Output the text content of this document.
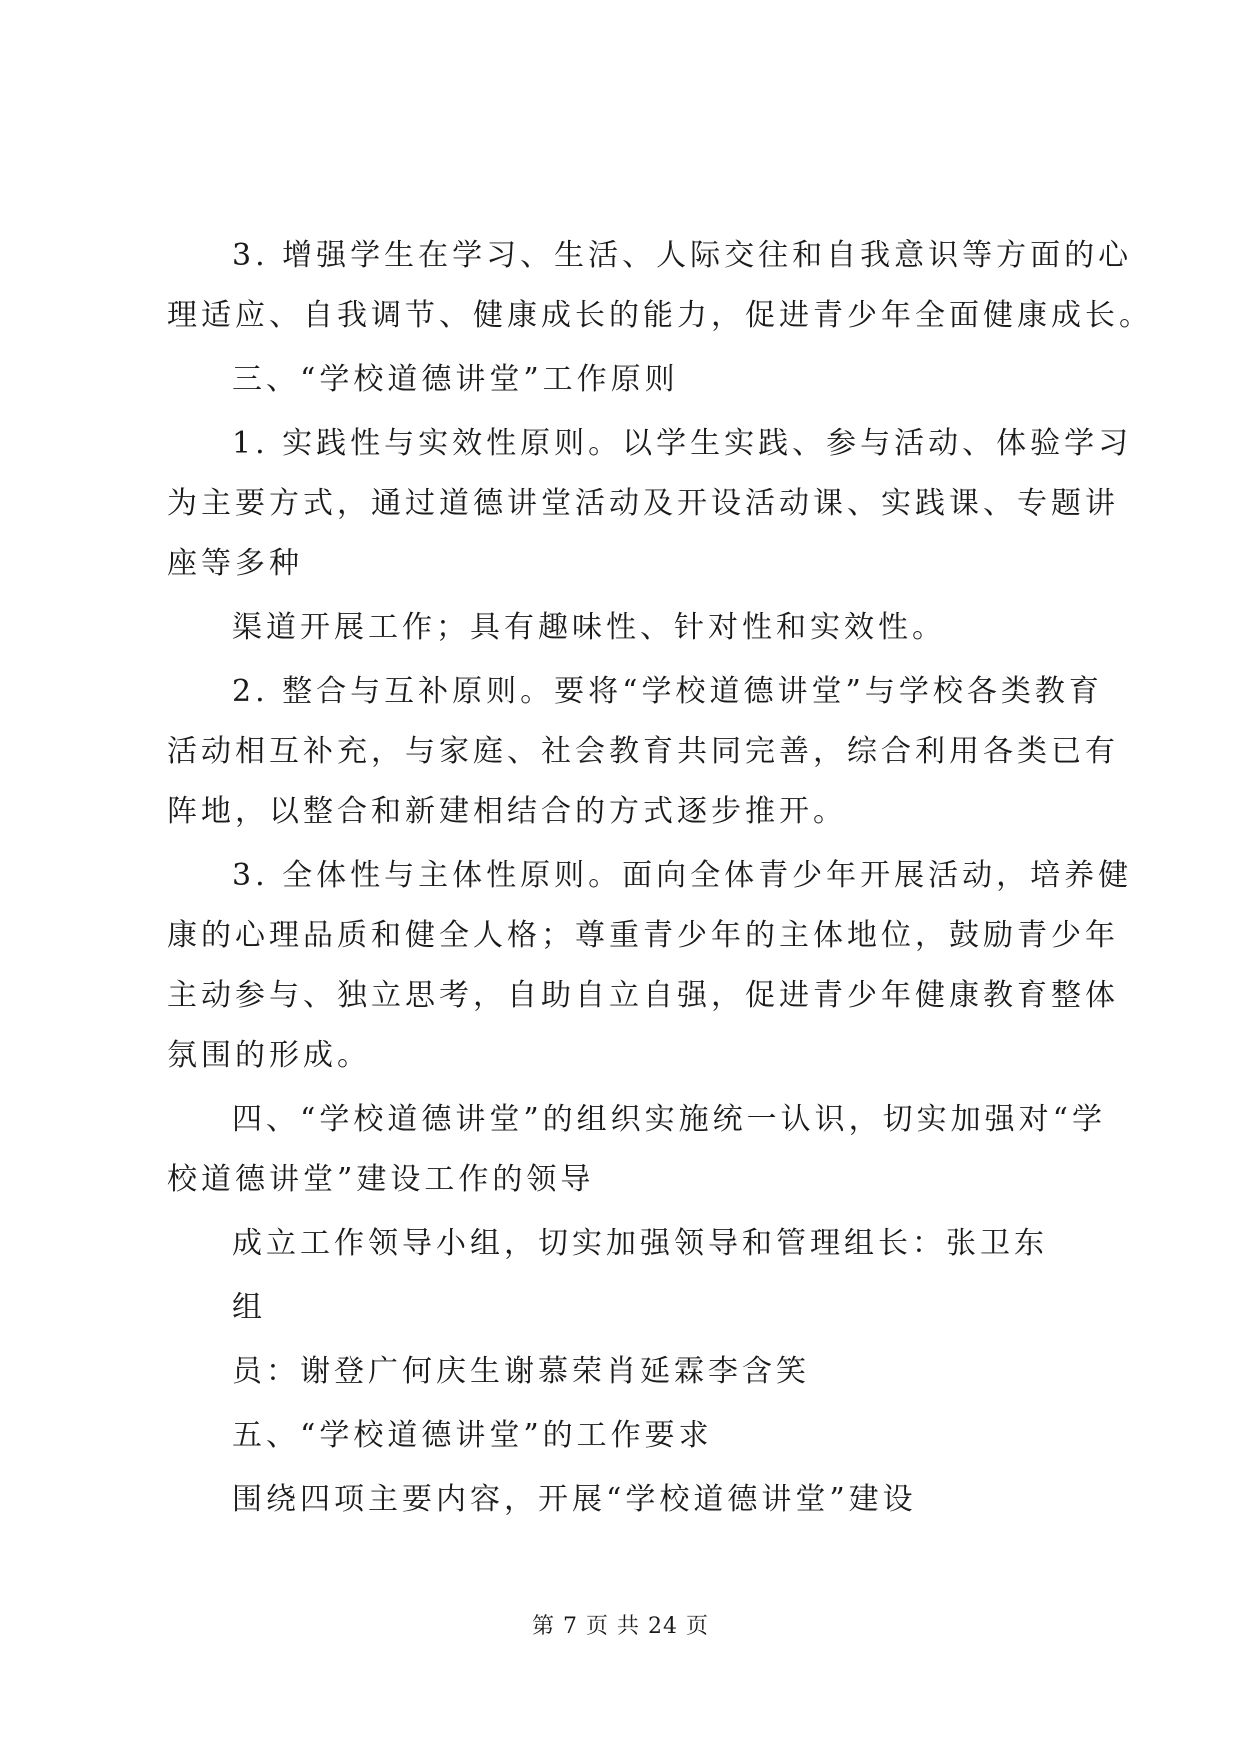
3. 增强学生在学习、生活、人际交往和自我意识等方面的心
理适应、自我调节、健康成长的能力，促进青少年全面健康成长。
三、“学校道德讲堂”工作原则
1. 实践性与实效性原则。以学生实践、参与活动、体验学习
为主要方式，通过道德讲堂活动及开设活动课、实践课、专题讲
座等多种
渠道开展工作；具有趣味性、针对性和实效性。
2. 整合与互补原则。要将“学校道德讲堂”与学校各类教育
活动相互补充，与家庭、社会教育共同完善，综合利用各类已有
阵地，以整合和新建相结合的方式逐步推开。
3. 全体性与主体性原则。面向全体青少年开展活动，培养健
康的心理品质和健全人格；尊重青少年的主体地位，鼓励青少年
主动参与、独立思考，自助自立自强，促进青少年健康教育整体
氛围的形成。
四、“学校道德讲堂”的组织实施统一认识，切实加强对“学
校道德讲堂”建设工作的领导
成立工作领导小组，切实加强领导和管理组长：张卫东
组
员：谢登广何庆生谢慕荣肖延霖李含笑
五、“学校道德讲堂”的工作要求
围绕四项主要内容，开展“学校道德讲堂”建设
第 7 页 共 24 页
